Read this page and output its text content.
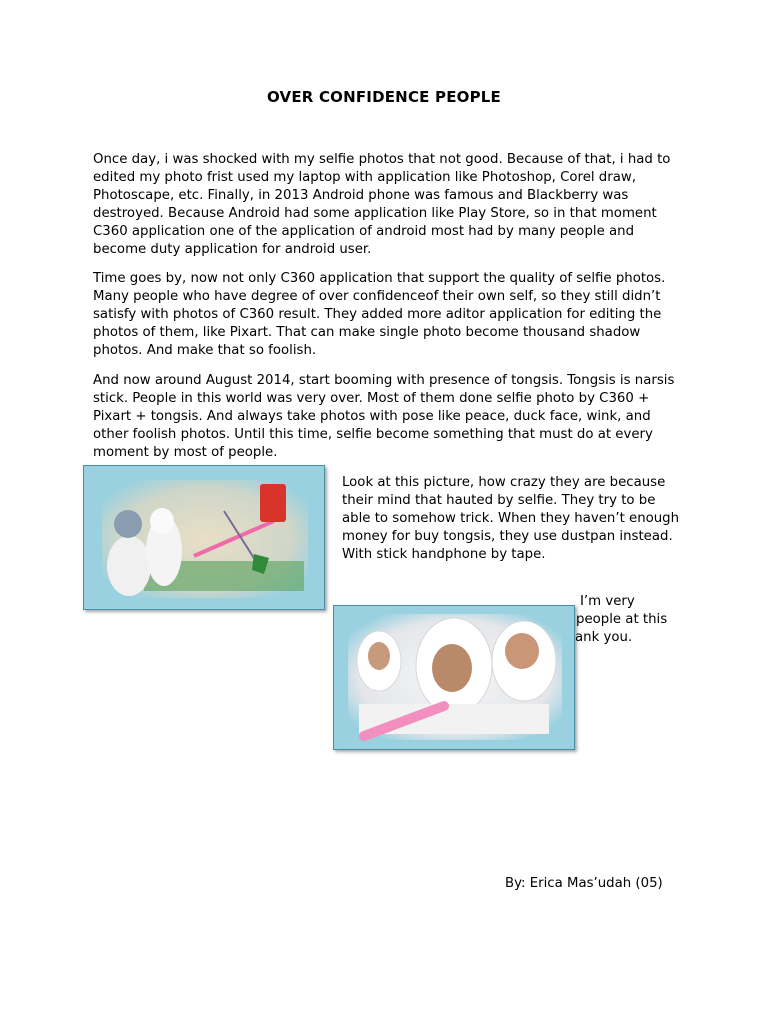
OVER CONFIDENCE PEOPLE

Once day, i was shocked with my selfie photos that not good. Because of that, i had to edited my photo frist used my laptop with application like Photoshop, Corel draw, Photoscape, etc. Finally, in 2013 Android phone was famous and Blackberry was destroyed. Because Android had some application like Play Store, so in that moment C360 application one of the application of android most had by many people and become duty application for android user.

Time goes by, now not only C360 application that support the quality of selfie photos. Many people who have degree of over confidenceof their own self, so they still didn’t satisfy with photos of C360 result. They added more aditor application for editing the photos of them, like Pixart. That can make single photo become thousand shadow photos. And make that so foolish.

And now around August 2014, start booming with presence of tongsis. Tongsis is narsis stick. People in this world was very over. Most of them done selfie photo by C360 + Pixart + tongsis. And always take photos with pose like peace, duck face, wink, and other foolish photos. Until this time, selfie become something that must do at every moment by most of people.

Look at this picture, how crazy they are because their mind that hauted by selfie. They try to be able to somehow trick. When they haven’t enough money for buy tongsis, they use dustpan instead. With stick handphone by tape.

I’m very
people at this
ank you.
By: Erica Mas’udah (05)
